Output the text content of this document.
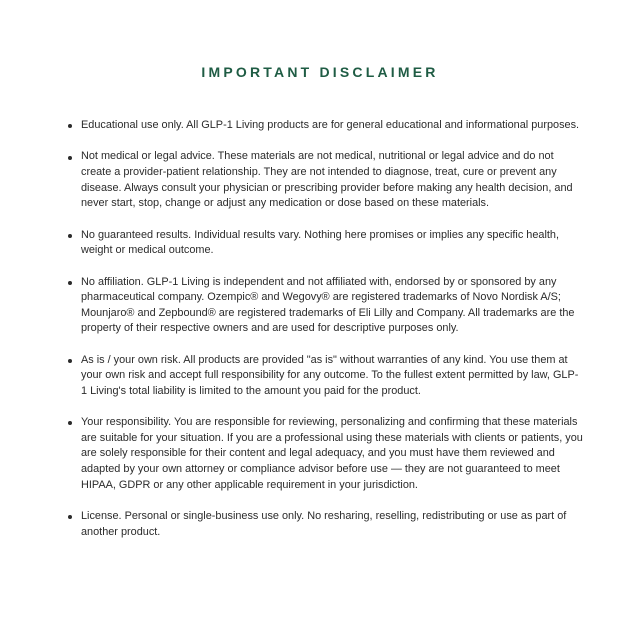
IMPORTANT DISCLAIMER
Educational use only. All GLP-1 Living products are for general educational and informational purposes.
Not medical or legal advice. These materials are not medical, nutritional or legal advice and do not create a provider-patient relationship. They are not intended to diagnose, treat, cure or prevent any disease. Always consult your physician or prescribing provider before making any health decision, and never start, stop, change or adjust any medication or dose based on these materials.
No guaranteed results. Individual results vary. Nothing here promises or implies any specific health, weight or medical outcome.
No affiliation. GLP-1 Living is independent and not affiliated with, endorsed by or sponsored by any pharmaceutical company. Ozempic® and Wegovy® are registered trademarks of Novo Nordisk A/S; Mounjaro® and Zepbound® are registered trademarks of Eli Lilly and Company. All trademarks are the property of their respective owners and are used for descriptive purposes only.
As is / your own risk. All products are provided "as is" without warranties of any kind. You use them at your own risk and accept full responsibility for any outcome. To the fullest extent permitted by law, GLP-1 Living's total liability is limited to the amount you paid for the product.
Your responsibility. You are responsible for reviewing, personalizing and confirming that these materials are suitable for your situation. If you are a professional using these materials with clients or patients, you are solely responsible for their content and legal adequacy, and you must have them reviewed and adapted by your own attorney or compliance advisor before use — they are not guaranteed to meet HIPAA, GDPR or any other applicable requirement in your jurisdiction.
License. Personal or single-business use only. No resharing, reselling, redistributing or use as part of another product.
